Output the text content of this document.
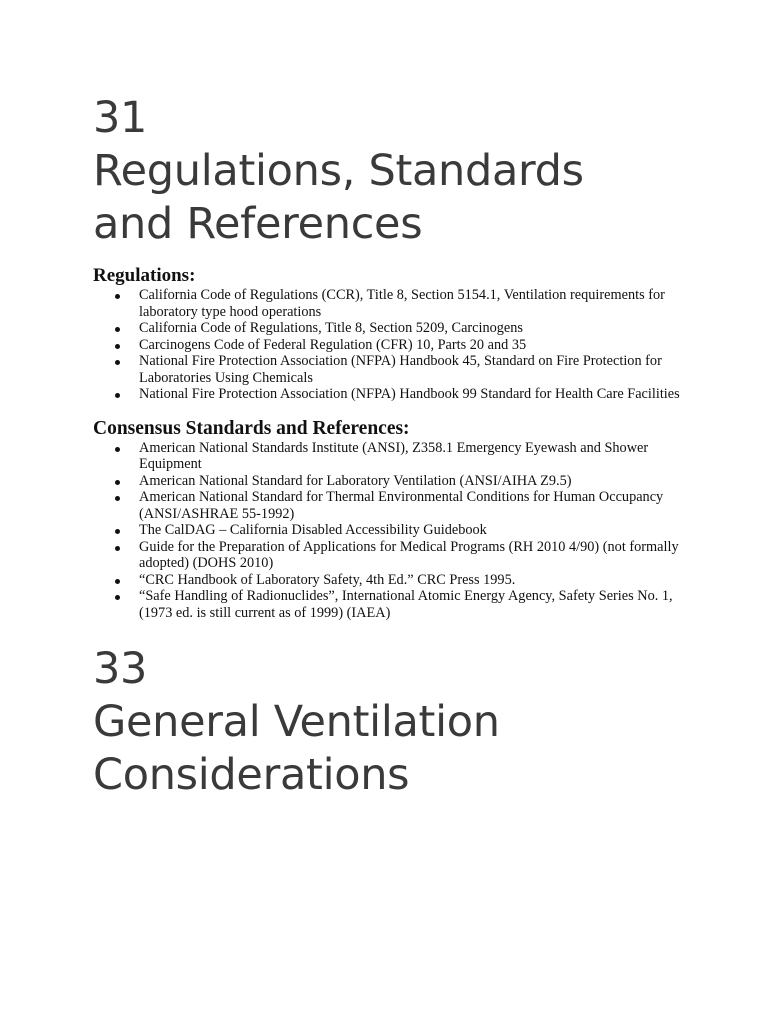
31
Regulations, Standards
and References
Regulations:
California Code of Regulations (CCR), Title 8, Section 5154.1, Ventilation requirements for laboratory type hood operations
California Code of Regulations, Title 8, Section 5209, Carcinogens
Carcinogens Code of Federal Regulation (CFR) 10, Parts 20 and 35
National Fire Protection Association (NFPA) Handbook 45, Standard on Fire Protection for Laboratories Using Chemicals
National Fire Protection Association (NFPA) Handbook 99 Standard for Health Care Facilities
Consensus Standards and References:
American National Standards Institute (ANSI), Z358.1 Emergency Eyewash and Shower Equipment
American National Standard for Laboratory Ventilation (ANSI/AIHA Z9.5)
American National Standard for Thermal Environmental Conditions for Human Occupancy (ANSI/ASHRAE 55-1992)
The CalDAG – California Disabled Accessibility Guidebook
Guide for the Preparation of Applications for Medical Programs (RH 2010 4/90) (not formally adopted) (DOHS 2010)
“CRC Handbook of Laboratory Safety, 4th Ed.” CRC Press 1995.
“Safe Handling of Radionuclides”, International Atomic Energy Agency, Safety Series No. 1, (1973 ed. is still current as of 1999) (IAEA)
33
General Ventilation
Considerations
